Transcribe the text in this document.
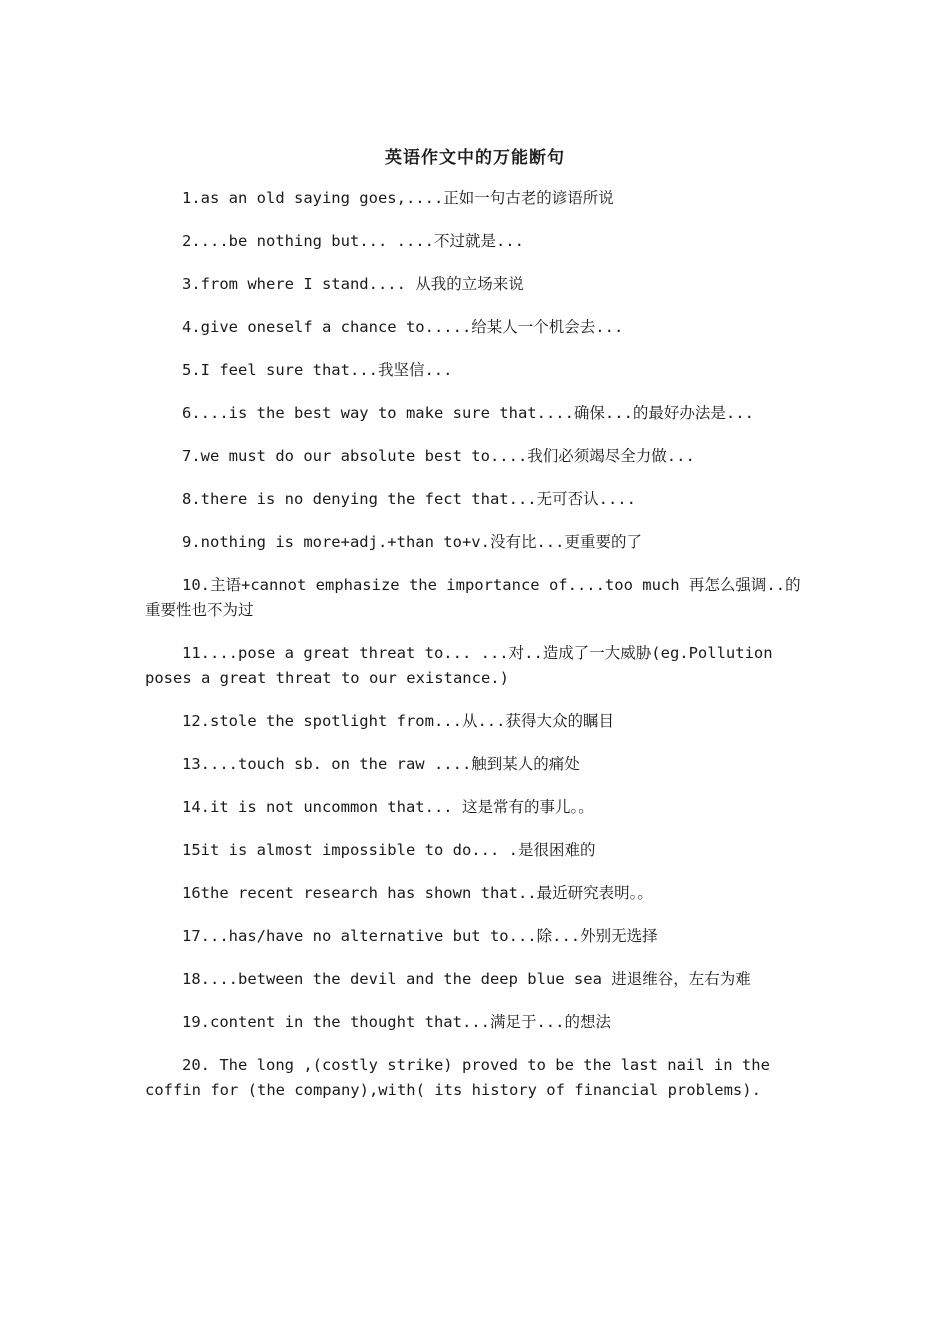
英语作文中的万能断句

1.as an old saying goes,....正如一句古老的谚语所说

2....be nothing but... ....不过就是...

3.from where I stand.... 从我的立场来说

4.give oneself a chance to.....给某人一个机会去...

5.I feel sure that...我坚信...

6....is the best way to make sure that....确保...的最好办法是...

7.we must do our absolute best to....我们必须竭尽全力做...

8.there is no denying the fect that...无可否认....

9.nothing is more+adj.+than to+v.没有比...更重要的了

10.主语+cannot emphasize the importance of....too much 再怎么强调..的重要性也不为过

11....pose a great threat to... ...对..造成了一大威胁(eg.Pollution poses a great threat to our existance.)

12.stole the spotlight from...从...获得大众的瞩目

13....touch sb. on the raw ....触到某人的痛处

14.it is not uncommon that... 这是常有的事儿。。

15it is almost impossible to do... .是很困难的

16the recent research has shown that..最近研究表明。。

17...has/have no alternative but to...除...外别无选择

18....between the devil and the deep blue sea 进退维谷，左右为难

19.content in the thought that...满足于...的想法

20. The long ,(costly strike) proved to be the last nail in the coffin for (the company),with( its history of financial problems).
